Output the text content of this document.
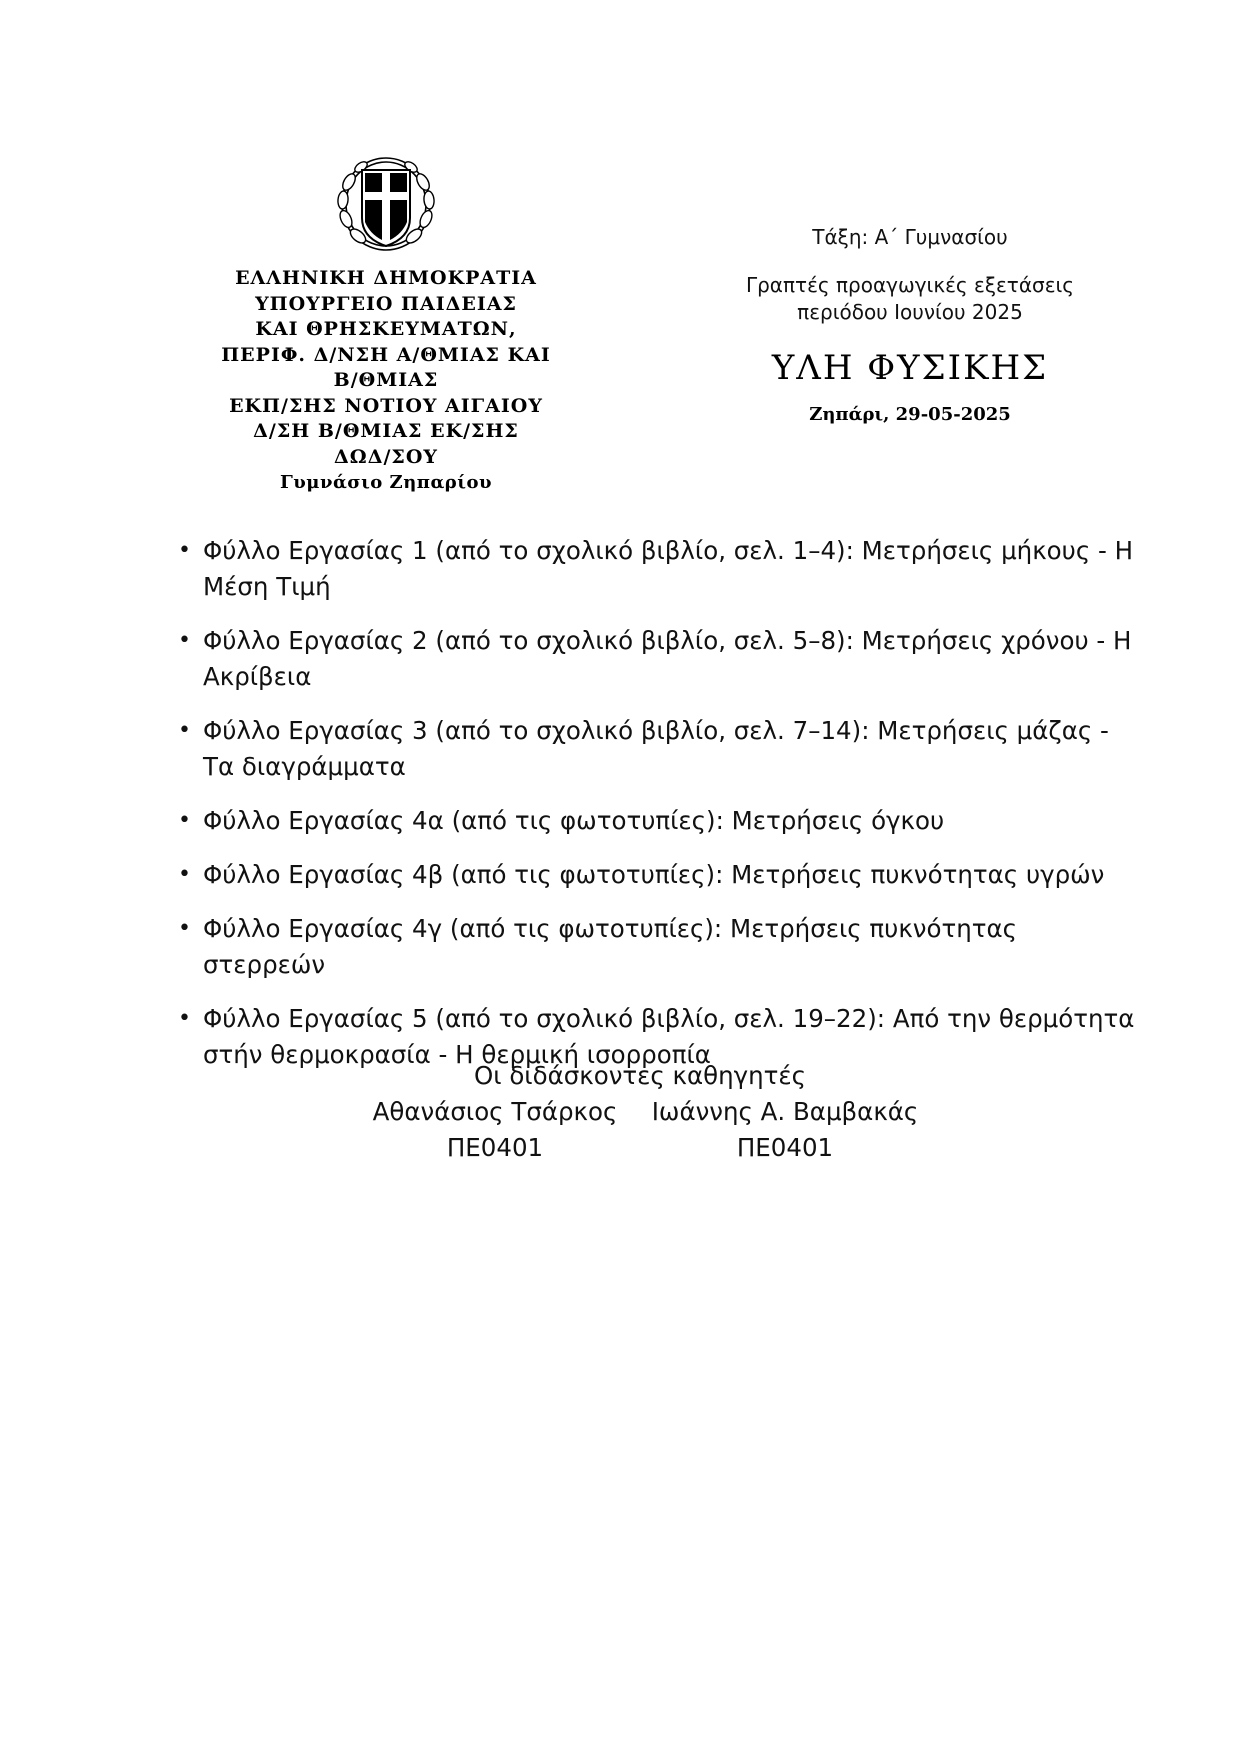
ΕΛΛΗΝΙΚΗ ΔΗΜΟΚΡΑΤΙΑ
ΥΠΟΥΡΓΕΙΟ ΠΑΙΔΕΙΑΣ
ΚΑΙ ΘΡΗΣΚΕΥΜΑΤΩΝ,
ΠΕΡΙΦ. Δ/ΝΣΗ Α/ΘΜΙΑΣ ΚΑΙ
Β/ΘΜΙΑΣ
ΕΚΠ/ΣΗΣ ΝΟΤΙΟΥ ΑΙΓΑΙΟΥ
Δ/ΣΗ Β/ΘΜΙΑΣ ΕΚ/ΣΗΣ
ΔΩΔ/ΣΟΥ
Γυμνάσιο Ζηπαρίου
Τάξη: Α΄ Γυμνασίου
Γραπτές προαγωγικές εξετάσεις
περιόδου Ιουνίου 2025
ΥΛΗ ΦΥΣΙΚΗΣ
Ζηπάρι, 29-05-2025
• Φύλλο Εργασίας 1 (από το σχολικό βιβλίο, σελ. 1–4): Μετρήσεις μήκους - Η Μέση Τιμή
• Φύλλο Εργασίας 2 (από το σχολικό βιβλίο, σελ. 5–8): Μετρήσεις χρόνου - Η Ακρίβεια
• Φύλλο Εργασίας 3 (από το σχολικό βιβλίο, σελ. 7–14): Μετρήσεις μάζας - Τα διαγράμματα
• Φύλλο Εργασίας 4α (από τις φωτοτυπίες): Μετρήσεις όγκου
• Φύλλο Εργασίας 4β (από τις φωτοτυπίες): Μετρήσεις πυκνότητας υγρών
• Φύλλο Εργασίας 4γ (από τις φωτοτυπίες): Μετρήσεις πυκνότητας στερρεών
• Φύλλο Εργασίας 5 (από το σχολικό βιβλίο, σελ. 19–22): Από την θερμότητα στήν θερμοκρασία - Η θερμική ισορροπία
Οι διδάσκοντες καθηγητές
Αθανάσιος Τσάρκος	Ιωάννης Α. Βαμβακάς
ΠΕ0401	ΠΕ0401
